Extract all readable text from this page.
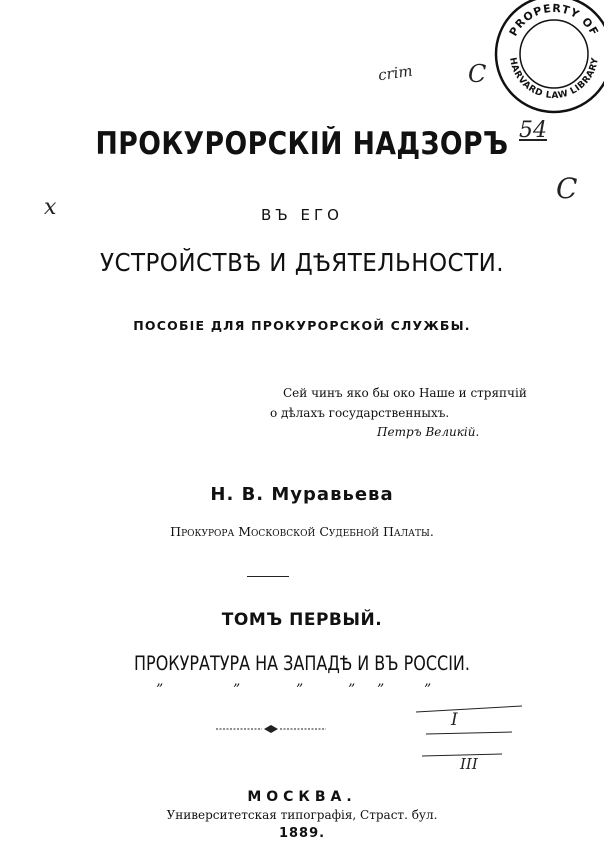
PROPERTY OF
HARVARD LAW LIBRARY
crim C
54
C
x
ПРОКУРОРСКІЙ НАДЗОРЪ
ВЪ ЕГО
УСТРОЙСТВѢ И ДѢЯТЕЛЬНОСТИ.
ПОСОБІЕ ДЛЯ ПРОКУРОРСКОЙ СЛУЖБЫ.
Сей чинъ яко бы око Наше и стряпчій
о дѣлахъ государственныхъ.
Петръ Великій.
Н. В. Муравьева
Прокурора Московской Судебной Палаты.
ТОМЪ ПЕРВЫЙ.
ПРОКУРАТУРА НА ЗАПАДѢ И ВЪ РОССІИ.
”	”	”	” ”	”
I
III
МОСКВА.
Университетская типографія, Страст. бул.
1889.
